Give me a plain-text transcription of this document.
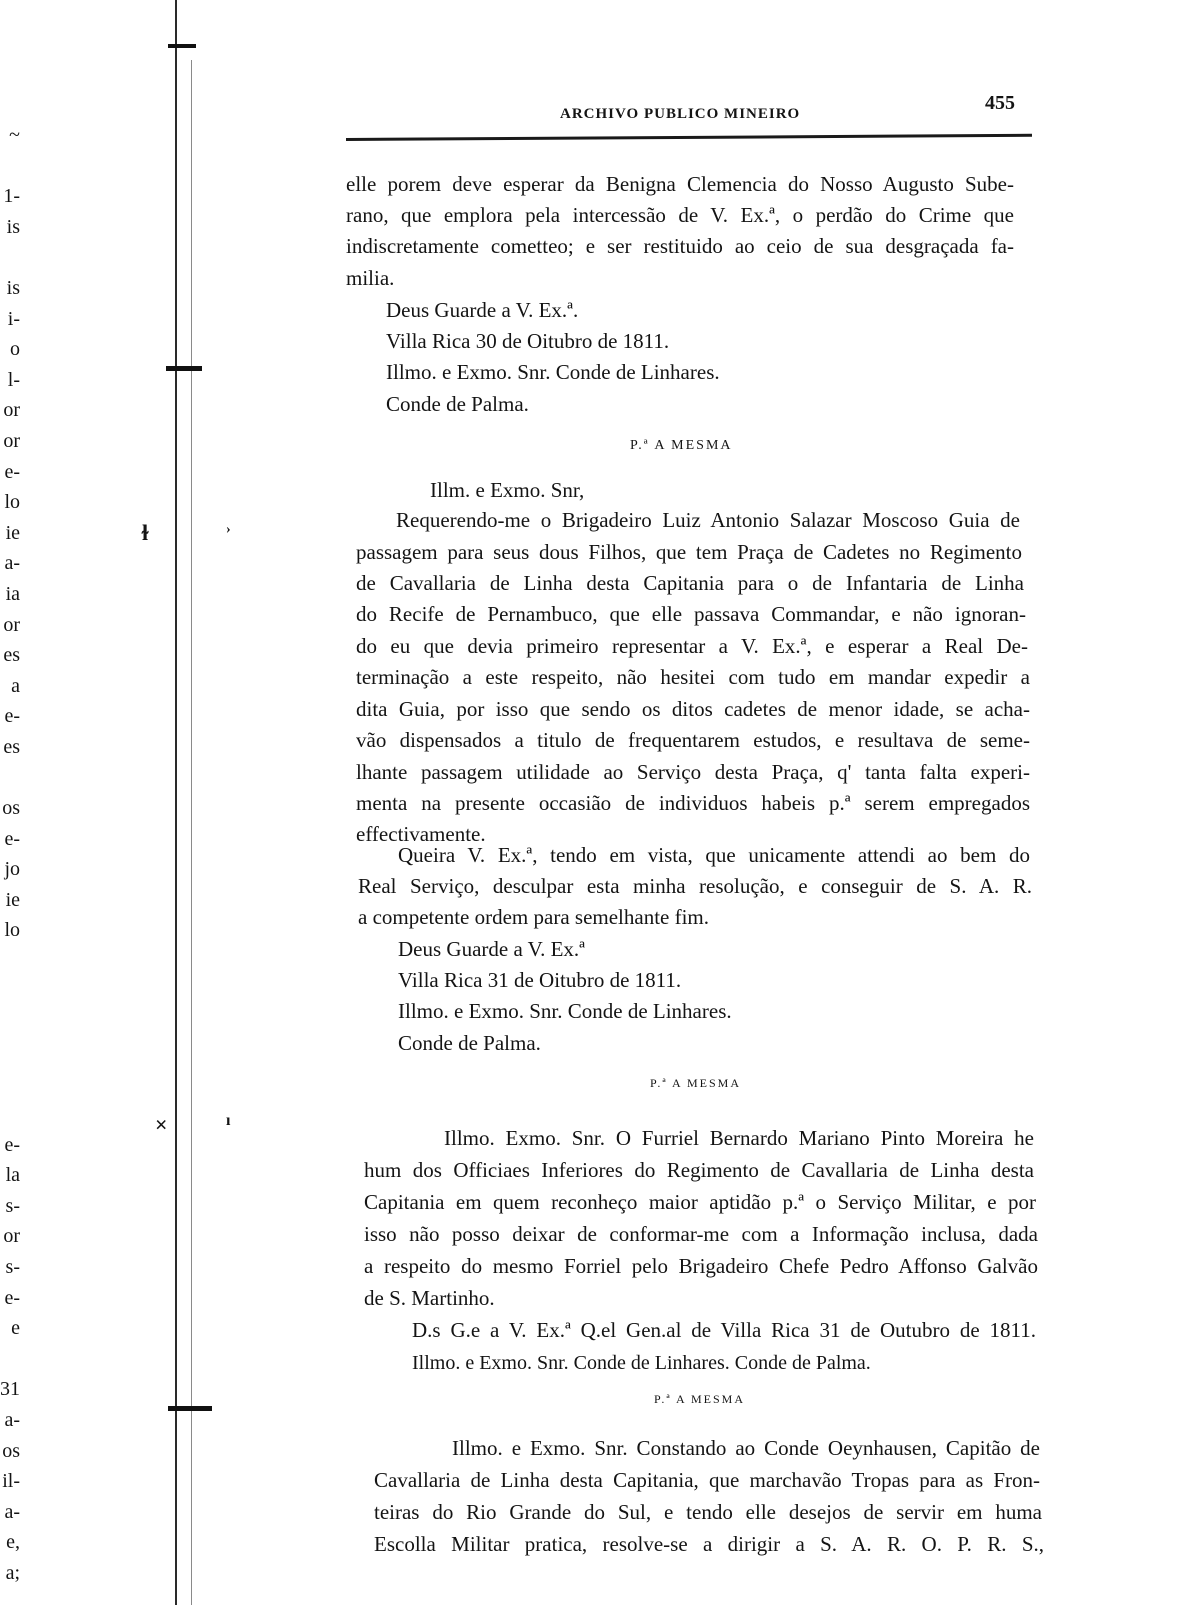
ɫ	›
×	ı
~
1-
is
is
i-
o
l-
or
or
e-
lo
ie
a-
ia
or
es
a
e-
es
os
e-
jo
ie
lo
e-
la
s-
or
s-
e-
e
31
a-
os
il-
a-
e,
a;
ARCHIVO PUBLICO MINEIRO	455
elle porem deve esperar da Benigna Clemencia do Nosso Augusto Sube-
rano, que emplora pela intercessão de V. Ex.ª, o perdão do Crime que
indiscretamente cometteo; e ser restituido ao ceio de sua desgraçada fa-
milia.
Deus Guarde a V. Ex.ª.
Villa Rica 30 de Oitubro de 1811.
Illmo. e Exmo. Snr. Conde de Linhares.
Conde de Palma.
P.ª A MESMA
Illm. e Exmo. Snr,
Requerendo-me o Brigadeiro Luiz Antonio Salazar Moscoso Guia de
passagem para seus dous Filhos, que tem Praça de Cadetes no Regimento
de Cavallaria de Linha desta Capitania para o de Infantaria de Linha
do Recife de Pernambuco, que elle passava Commandar, e não ignoran-
do eu que devia primeiro representar a V. Ex.ª, e esperar a Real De-
terminação a este respeito, não hesitei com tudo em mandar expedir a
dita Guia, por isso que sendo os ditos cadetes de menor idade, se acha-
vão dispensados a titulo de frequentarem estudos, e resultava de seme-
lhante passagem utilidade ao Serviço desta Praça, q' tanta falta experi-
menta na presente occasião de individuos habeis p.ª serem empregados
effectivamente.
Queira V. Ex.ª, tendo em vista, que unicamente attendi ao bem do
Real Serviço, desculpar esta minha resolução, e conseguir de S. A. R.
a competente ordem para semelhante fim.
Deus Guarde a V. Ex.ª
Villa Rica 31 de Oitubro de 1811.
Illmo. e Exmo. Snr. Conde de Linhares.
Conde de Palma.
P.ª A MESMA
Illmo. Exmo. Snr. O Furriel Bernardo Mariano Pinto Moreira he
hum dos Officiaes Inferiores do Regimento de Cavallaria de Linha desta
Capitania em quem reconheço maior aptidão p.ª o Serviço Militar, e por
isso não posso deixar de conformar-me com a Informação inclusa, dada
a respeito do mesmo Forriel pelo Brigadeiro Chefe Pedro Affonso Galvão
de S. Martinho.
D.s G.e a V. Ex.ª Q.el Gen.al de Villa Rica 31 de Outubro de 1811.
Illmo. e Exmo. Snr. Conde de Linhares. Conde de Palma.
P.ª A MESMA
Illmo. e Exmo. Snr. Constando ao Conde Oeynhausen, Capitão de
Cavallaria de Linha desta Capitania, que marchavão Tropas para as Fron-
teiras do Rio Grande do Sul, e tendo elle desejos de servir em huma
Escolla Militar pratica, resolve-se a dirigir a S. A. R. O. P. R. S.,
